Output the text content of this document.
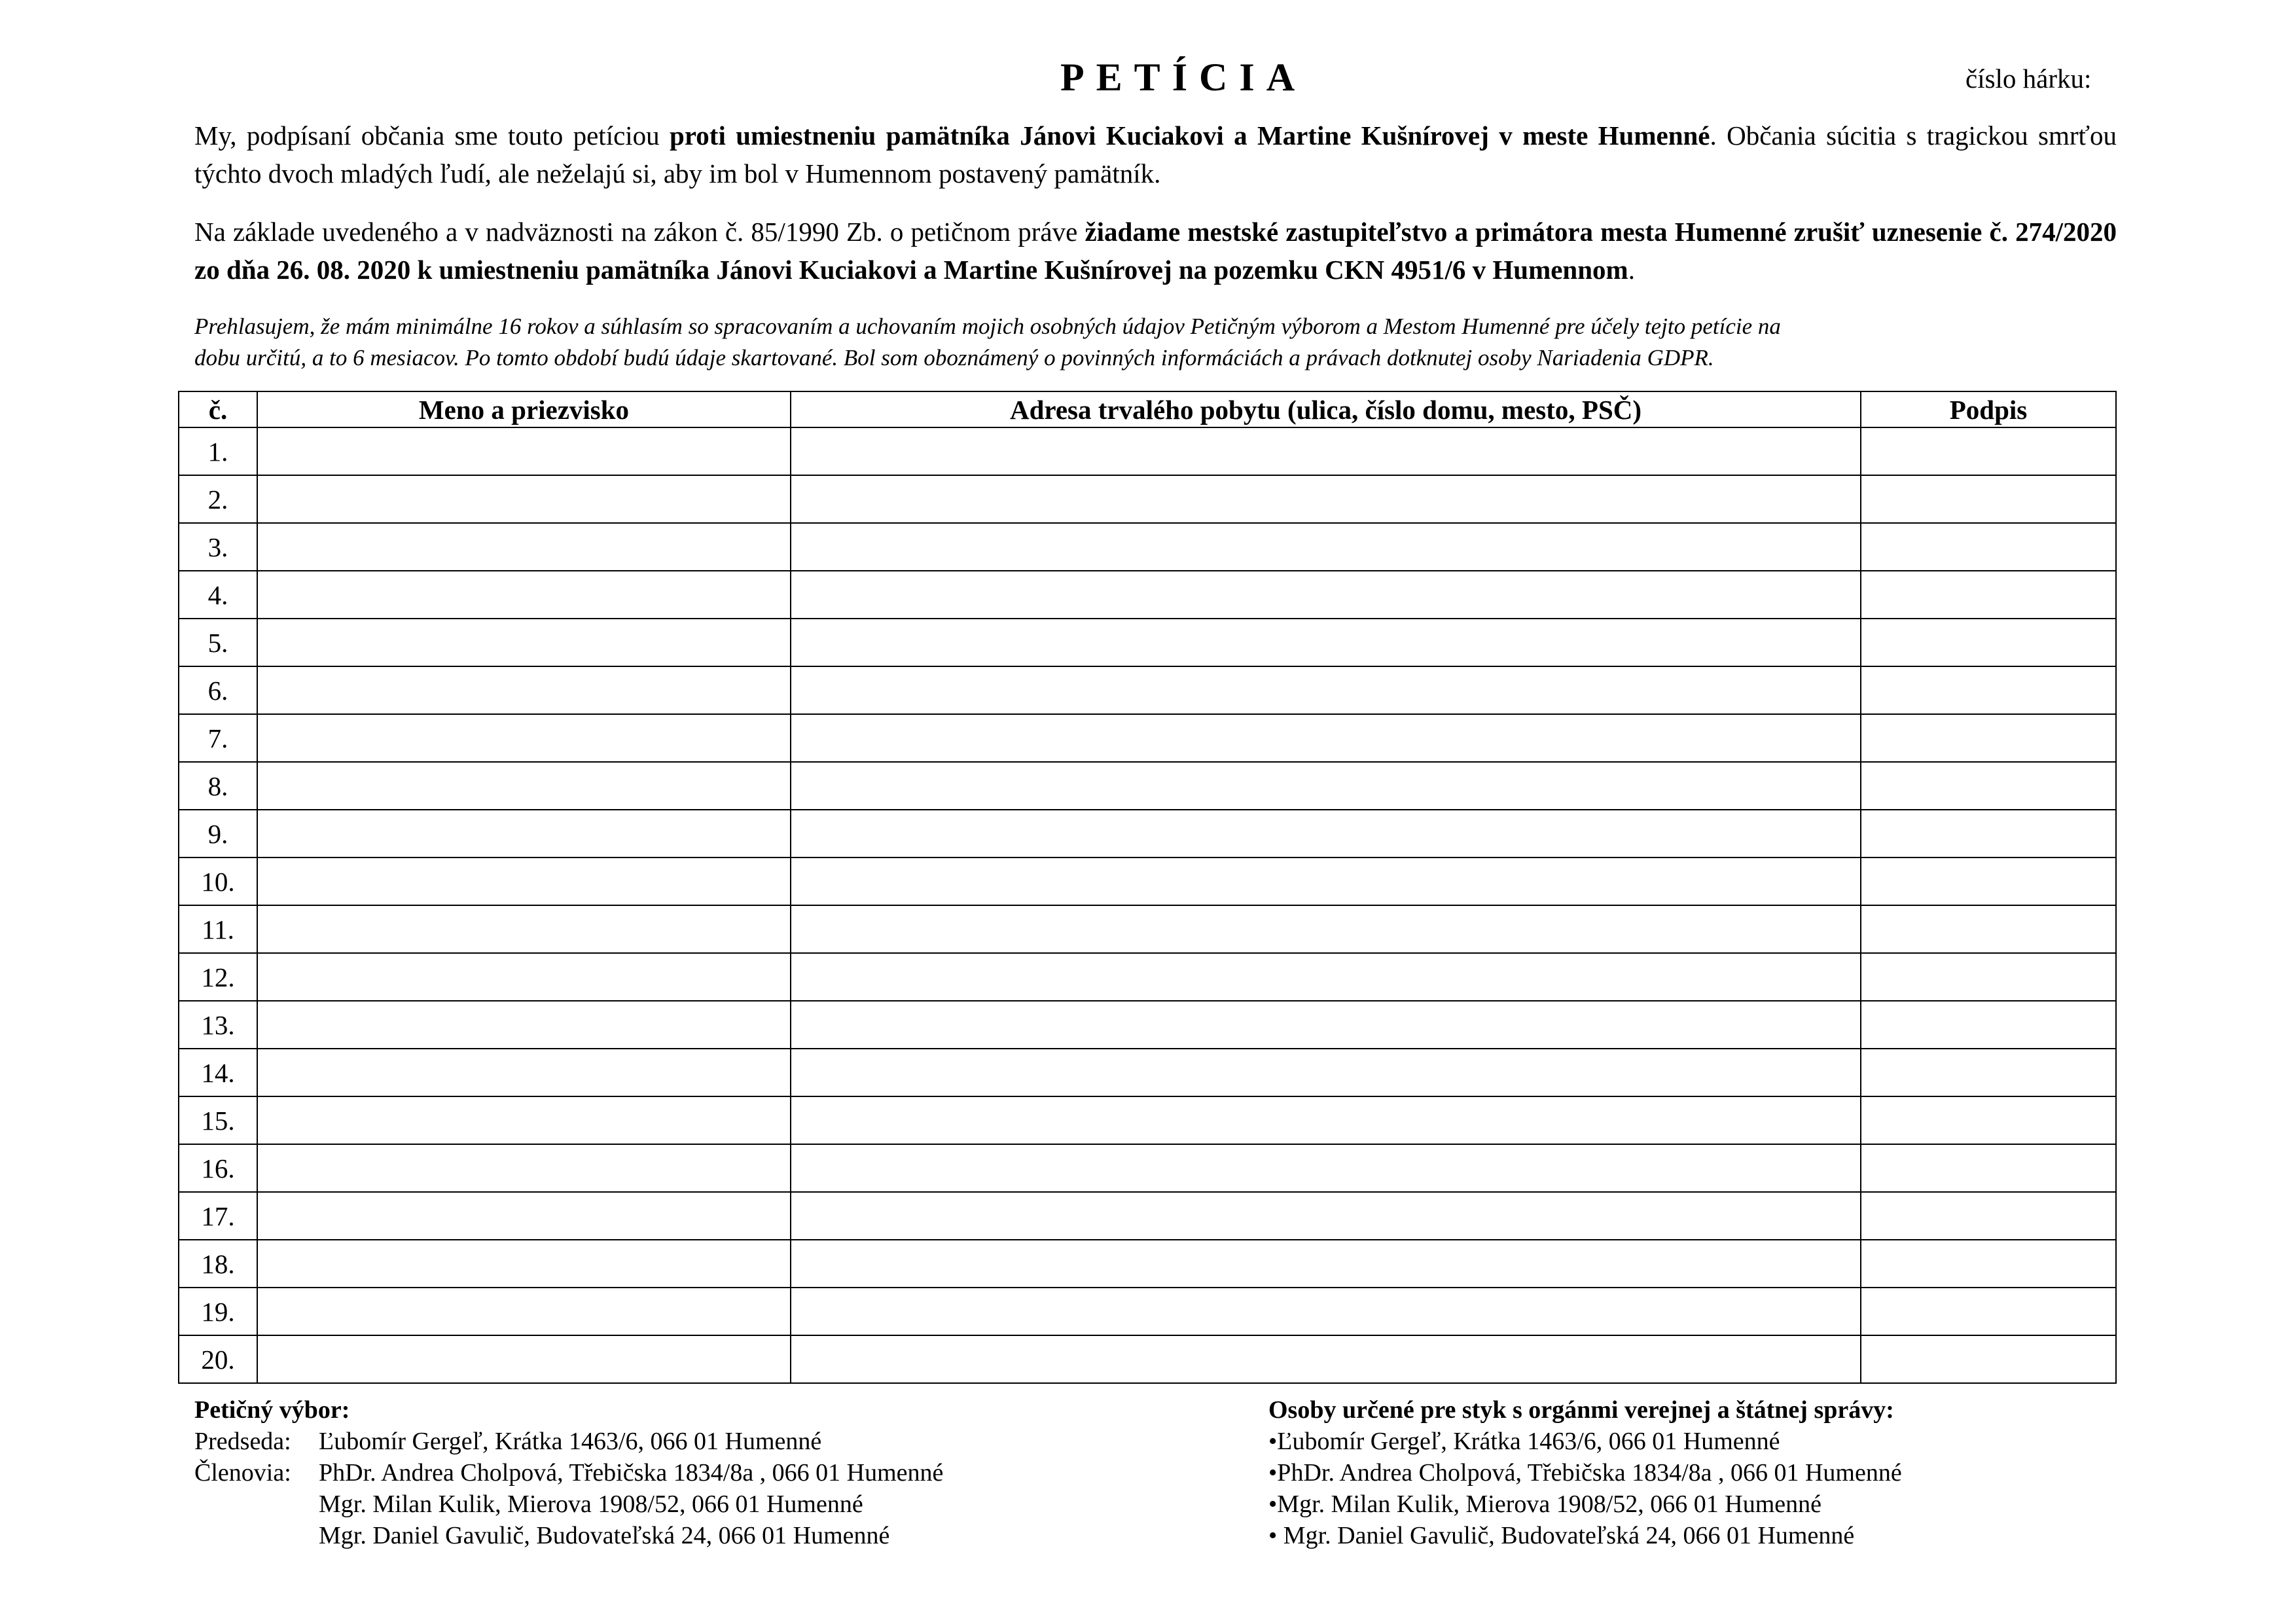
PETÍCIA	číslo hárku:
My, podpísaní občania sme touto petíciou proti umiestneniu pamätníka Jánovi Kuciakovi a Martine Kušnírovej v meste Humenné. Občania súcitia s tragickou smrťou týchto dvoch mladých ľudí, ale neželajú si, aby im bol v Humennom postavený pamätník.
Na základe uvedeného a v nadväznosti na zákon č. 85/1990 Zb. o petičnom práve žiadame mestské zastupiteľstvo a primátora mesta Humenné zrušiť uznesenie č. 274/2020 zo dňa 26. 08. 2020 k umiestneniu pamätníka Jánovi Kuciakovi a Martine Kušnírovej na pozemku CKN 4951/6 v Humennom.
Prehlasujem, že mám minimálne 16 rokov a súhlasím so spracovaním a uchovaním mojich osobných údajov Petičným výborom a Mestom Humenné pre účely tejto petície na
dobu určitú, a to 6 mesiacov. Po tomto období budú údaje skartované. Bol som oboznámený o povinných informáciách a právach dotknutej osoby Nariadenia GDPR.
č.	Meno a priezvisko	Adresa trvalého pobytu (ulica, číslo domu, mesto, PSČ)	Podpis
1.			
2.			
3.			
4.			
5.			
6.			
7.			
8.			
9.			
10.			
11.			
12.			
13.			
14.			
15.			
16.			
17.			
18.			
19.			
20.			
Petičný výbor:
Predseda: Ľubomír Gergeľ, Krátka 1463/6, 066 01 Humenné
Členovia: PhDr. Andrea Cholpová, Třebičska 1834/8a , 066 01 Humenné
Mgr. Milan Kulik, Mierova 1908/52, 066 01 Humenné
Mgr. Daniel Gavulič, Budovateľská 24, 066 01 Humenné
Osoby určené pre styk s orgánmi verejnej a štátnej správy:
•Ľubomír Gergeľ, Krátka 1463/6, 066 01 Humenné
•PhDr. Andrea Cholpová, Třebičska 1834/8a , 066 01 Humenné
•Mgr. Milan Kulik, Mierova 1908/52, 066 01 Humenné
• Mgr. Daniel Gavulič, Budovateľská 24, 066 01 Humenné
